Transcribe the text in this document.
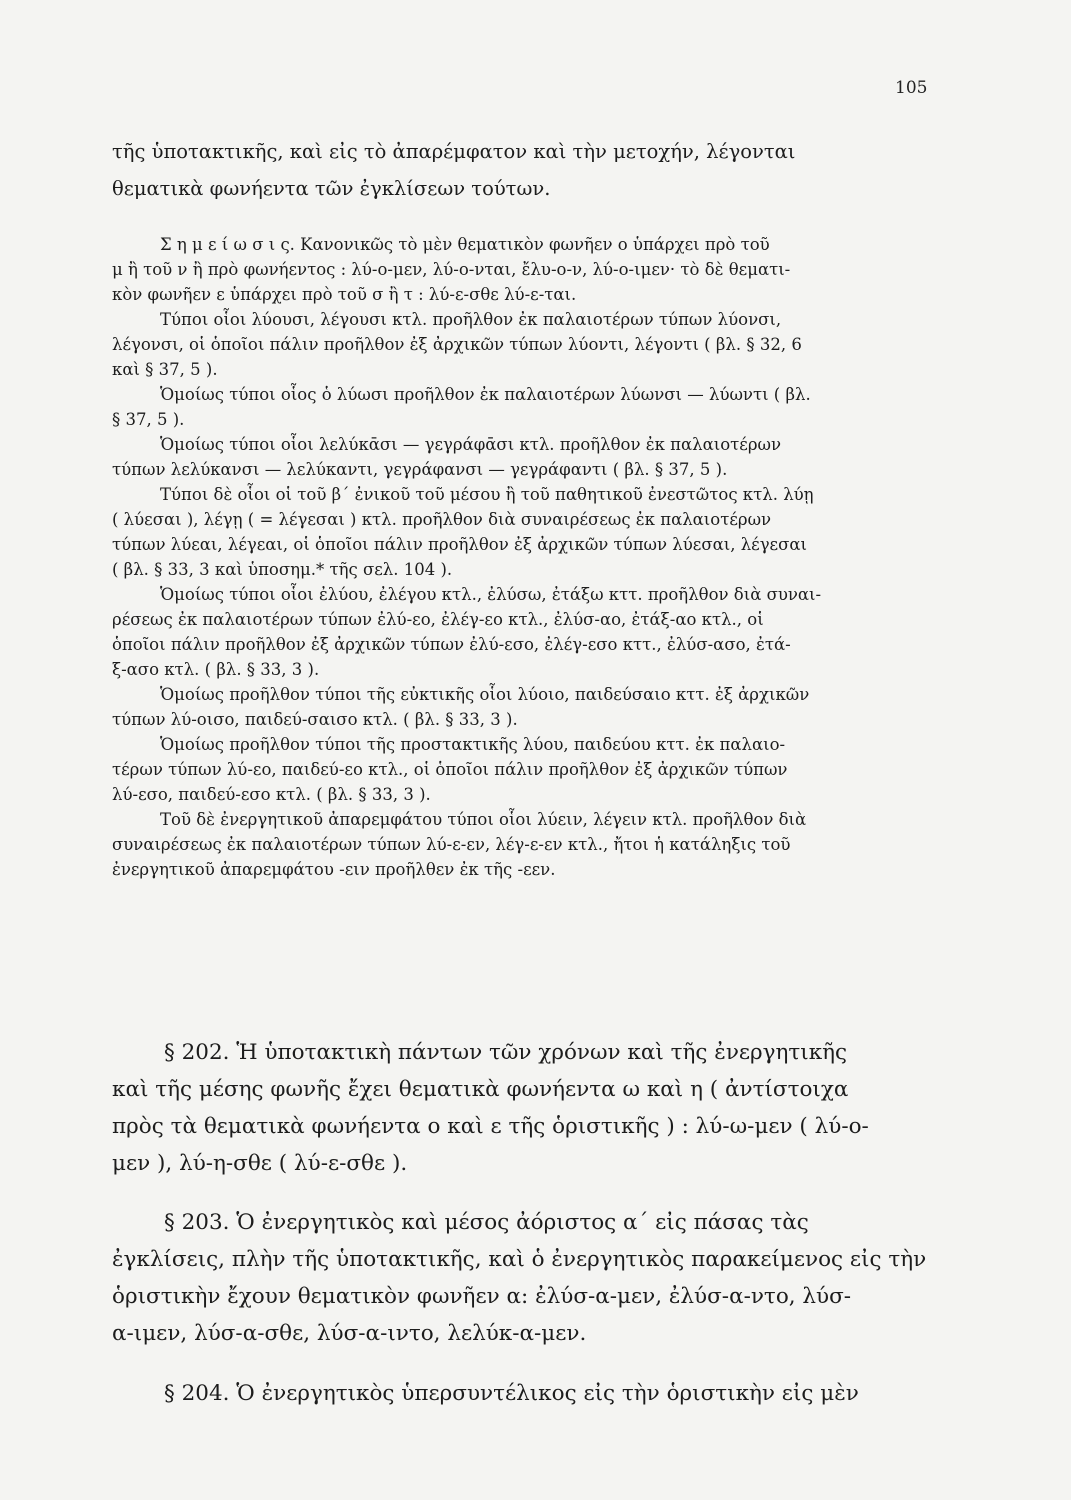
105
τῆς ὑποτακτικῆς, καὶ εἰς τὸ ἀπαρέμφατον καὶ τὴν μετοχήν, λέγονται
θεματικὰ φωνήεντα τῶν ἐγκλίσεων τούτων.
Σ η μ ε ί ω σ ι ς. Κανονικῶς τὸ μὲν θεματικὸν φωνῆεν ο ὑπάρχει πρὸ τοῦ
μ ἢ τοῦ ν ἢ πρὸ φωνήεντος : λύ-ο-μεν, λύ-ο-νται, ἔλυ-ο-ν, λύ-ο-ιμεν· τὸ δὲ θεματι-
κὸν φωνῆεν ε ὑπάρχει πρὸ τοῦ σ ἢ τ : λύ-ε-σθε λύ-ε-ται.
Τύποι οἷοι λύουσι, λέγουσι κτλ. προῆλθον ἐκ παλαιοτέρων τύπων λύονσι,
λέγονσι, οἱ ὁποῖοι πάλιν προῆλθον ἐξ ἀρχικῶν τύπων λύοντι, λέγοντι ( βλ. § 32, 6
καὶ § 37, 5 ).
Ὁμοίως τύποι οἷος ὁ λύωσι προῆλθον ἐκ παλαιοτέρων λύωνσι — λύωντι ( βλ.
§ 37, 5 ).
Ὁμοίως τύποι οἷοι λελύκᾱσι — γεγράφᾱσι κτλ. προῆλθον ἐκ παλαιοτέρων
τύπων λελύκανσι — λελύκαντι, γεγράφανσι — γεγράφαντι ( βλ. § 37, 5 ).
Τύποι δὲ οἷοι οἱ τοῦ β΄ ἐνικοῦ τοῦ μέσου ἢ τοῦ παθητικοῦ ἐνεστῶτος κτλ. λύῃ
( λύεσαι ), λέγῃ ( = λέγεσαι ) κτλ. προῆλθον διὰ συναιρέσεως ἐκ παλαιοτέρων
τύπων λύεαι, λέγεαι, οἱ ὁποῖοι πάλιν προῆλθον ἐξ ἀρχικῶν τύπων λύεσαι, λέγεσαι
( βλ. § 33, 3 καὶ ὑποσημ.* τῆς σελ. 104 ).
Ὁμοίως τύποι οἷοι ἐλύου, ἐλέγου κτλ., ἐλύσω, ἐτάξω κττ. προῆλθον διὰ συναι-
ρέσεως ἐκ παλαιοτέρων τύπων ἐλύ-εο, ἐλέγ-εο κτλ., ἐλύσ-αο, ἐτάξ-αο κτλ., οἱ
ὁποῖοι πάλιν προῆλθον ἐξ ἀρχικῶν τύπων ἐλύ-εσο, ἐλέγ-εσο κττ., ἐλύσ-ασο, ἐτά-
ξ-ασο κτλ. ( βλ. § 33, 3 ).
Ὁμοίως προῆλθον τύποι τῆς εὐκτικῆς οἷοι λύοιο, παιδεύσαιο κττ. ἐξ ἀρχικῶν
τύπων λύ-οισο, παιδεύ-σαισο κτλ. ( βλ. § 33, 3 ).
Ὁμοίως προῆλθον τύποι τῆς προστακτικῆς λύου, παιδεύου κττ. ἐκ παλαιο-
τέρων τύπων λύ-εο, παιδεύ-εο κτλ., οἱ ὁποῖοι πάλιν προῆλθον ἐξ ἀρχικῶν τύπων
λύ-εσο, παιδεύ-εσο κτλ. ( βλ. § 33, 3 ).
Τοῦ δὲ ἐνεργητικοῦ ἀπαρεμφάτου τύποι οἷοι λύειν, λέγειν κτλ. προῆλθον διὰ
συναιρέσεως ἐκ παλαιοτέρων τύπων λύ-ε-εν, λέγ-ε-εν κτλ., ἤτοι ἡ κατάληξις τοῦ
ἐνεργητικοῦ ἀπαρεμφάτου -ειν προῆλθεν ἐκ τῆς -εεν.
§ 202. Ἡ ὑποτακτικὴ πάντων τῶν χρόνων καὶ τῆς ἐνεργητικῆς
καὶ τῆς μέσης φωνῆς ἔχει θεματικὰ φωνήεντα ω καὶ η ( ἀντίστοιχα
πρὸς τὰ θεματικὰ φωνήεντα ο καὶ ε τῆς ὁριστικῆς ) : λύ-ω-μεν ( λύ-ο-
μεν ), λύ-η-σθε ( λύ-ε-σθε ).
§ 203. Ὁ ἐνεργητικὸς καὶ μέσος ἀόριστος α΄ εἰς πάσας τὰς
ἐγκλίσεις, πλὴν τῆς ὑποτακτικῆς, καὶ ὁ ἐνεργητικὸς παρακείμενος εἰς τὴν
ὁριστικὴν ἔχουν θεματικὸν φωνῆεν α: ἐλύσ-α-μεν, ἐλύσ-α-ντο, λύσ-
α-ιμεν, λύσ-α-σθε, λύσ-α-ιντο, λελύκ-α-μεν.
§ 204. Ὁ ἐνεργητικὸς ὑπερσυντέλικος εἰς τὴν ὁριστικὴν εἰς μὲν
